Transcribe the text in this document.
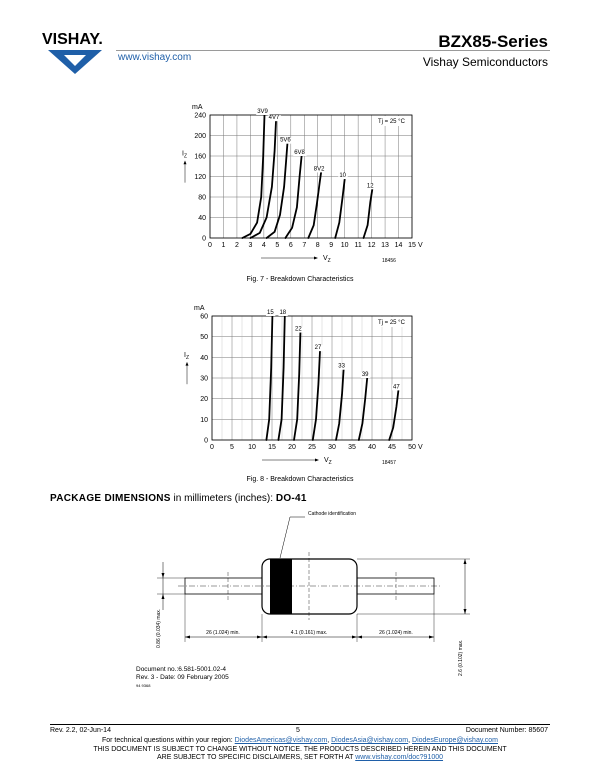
VISHAY.
www.vishay.com
BZX85-Series
Vishay Semiconductors
0 1 2 3 4 5 6 7 8 9 10 11 12 13 14 15
0
40
80
120
160
200
240
mA
V
$I_Z$
$V_Z$
Tj = 25 °C
18456
3V9
4V7
5V6
6V8
8V2
10
12
Fig. 7 - Breakdown Characteristics
0 5 10 15 20 25 30 35 40 45 50
0
10
20
30
40
50
60
mA
V
$I_Z$
$V_Z$
Tj = 25 °C
18457
15 18
22
27
33
39
47
Fig. 8 - Breakdown Characteristics
PACKAGE DIMENSIONS in millimeters (inches): DO-41
Cathode identification
26 (1.024) min.	4.1 (0.161) max.	26 (1.024) min.
0.86 (0.034) max.
2.6 (0.102) max.
Document no.:6.581-5001.02-4
Rev. 3 - Date: 09 February 2005
94 9368
Rev. 2.2, 02-Jun-14	5	Document Number: 85607
For technical questions within your region: DiodesAmericas@vishay.com, DiodesAsia@vishay.com, DiodesEurope@vishay.com
THIS DOCUMENT IS SUBJECT TO CHANGE WITHOUT NOTICE. THE PRODUCTS DESCRIBED HEREIN AND THIS DOCUMENT
ARE SUBJECT TO SPECIFIC DISCLAIMERS, SET FORTH AT www.vishay.com/doc?91000
